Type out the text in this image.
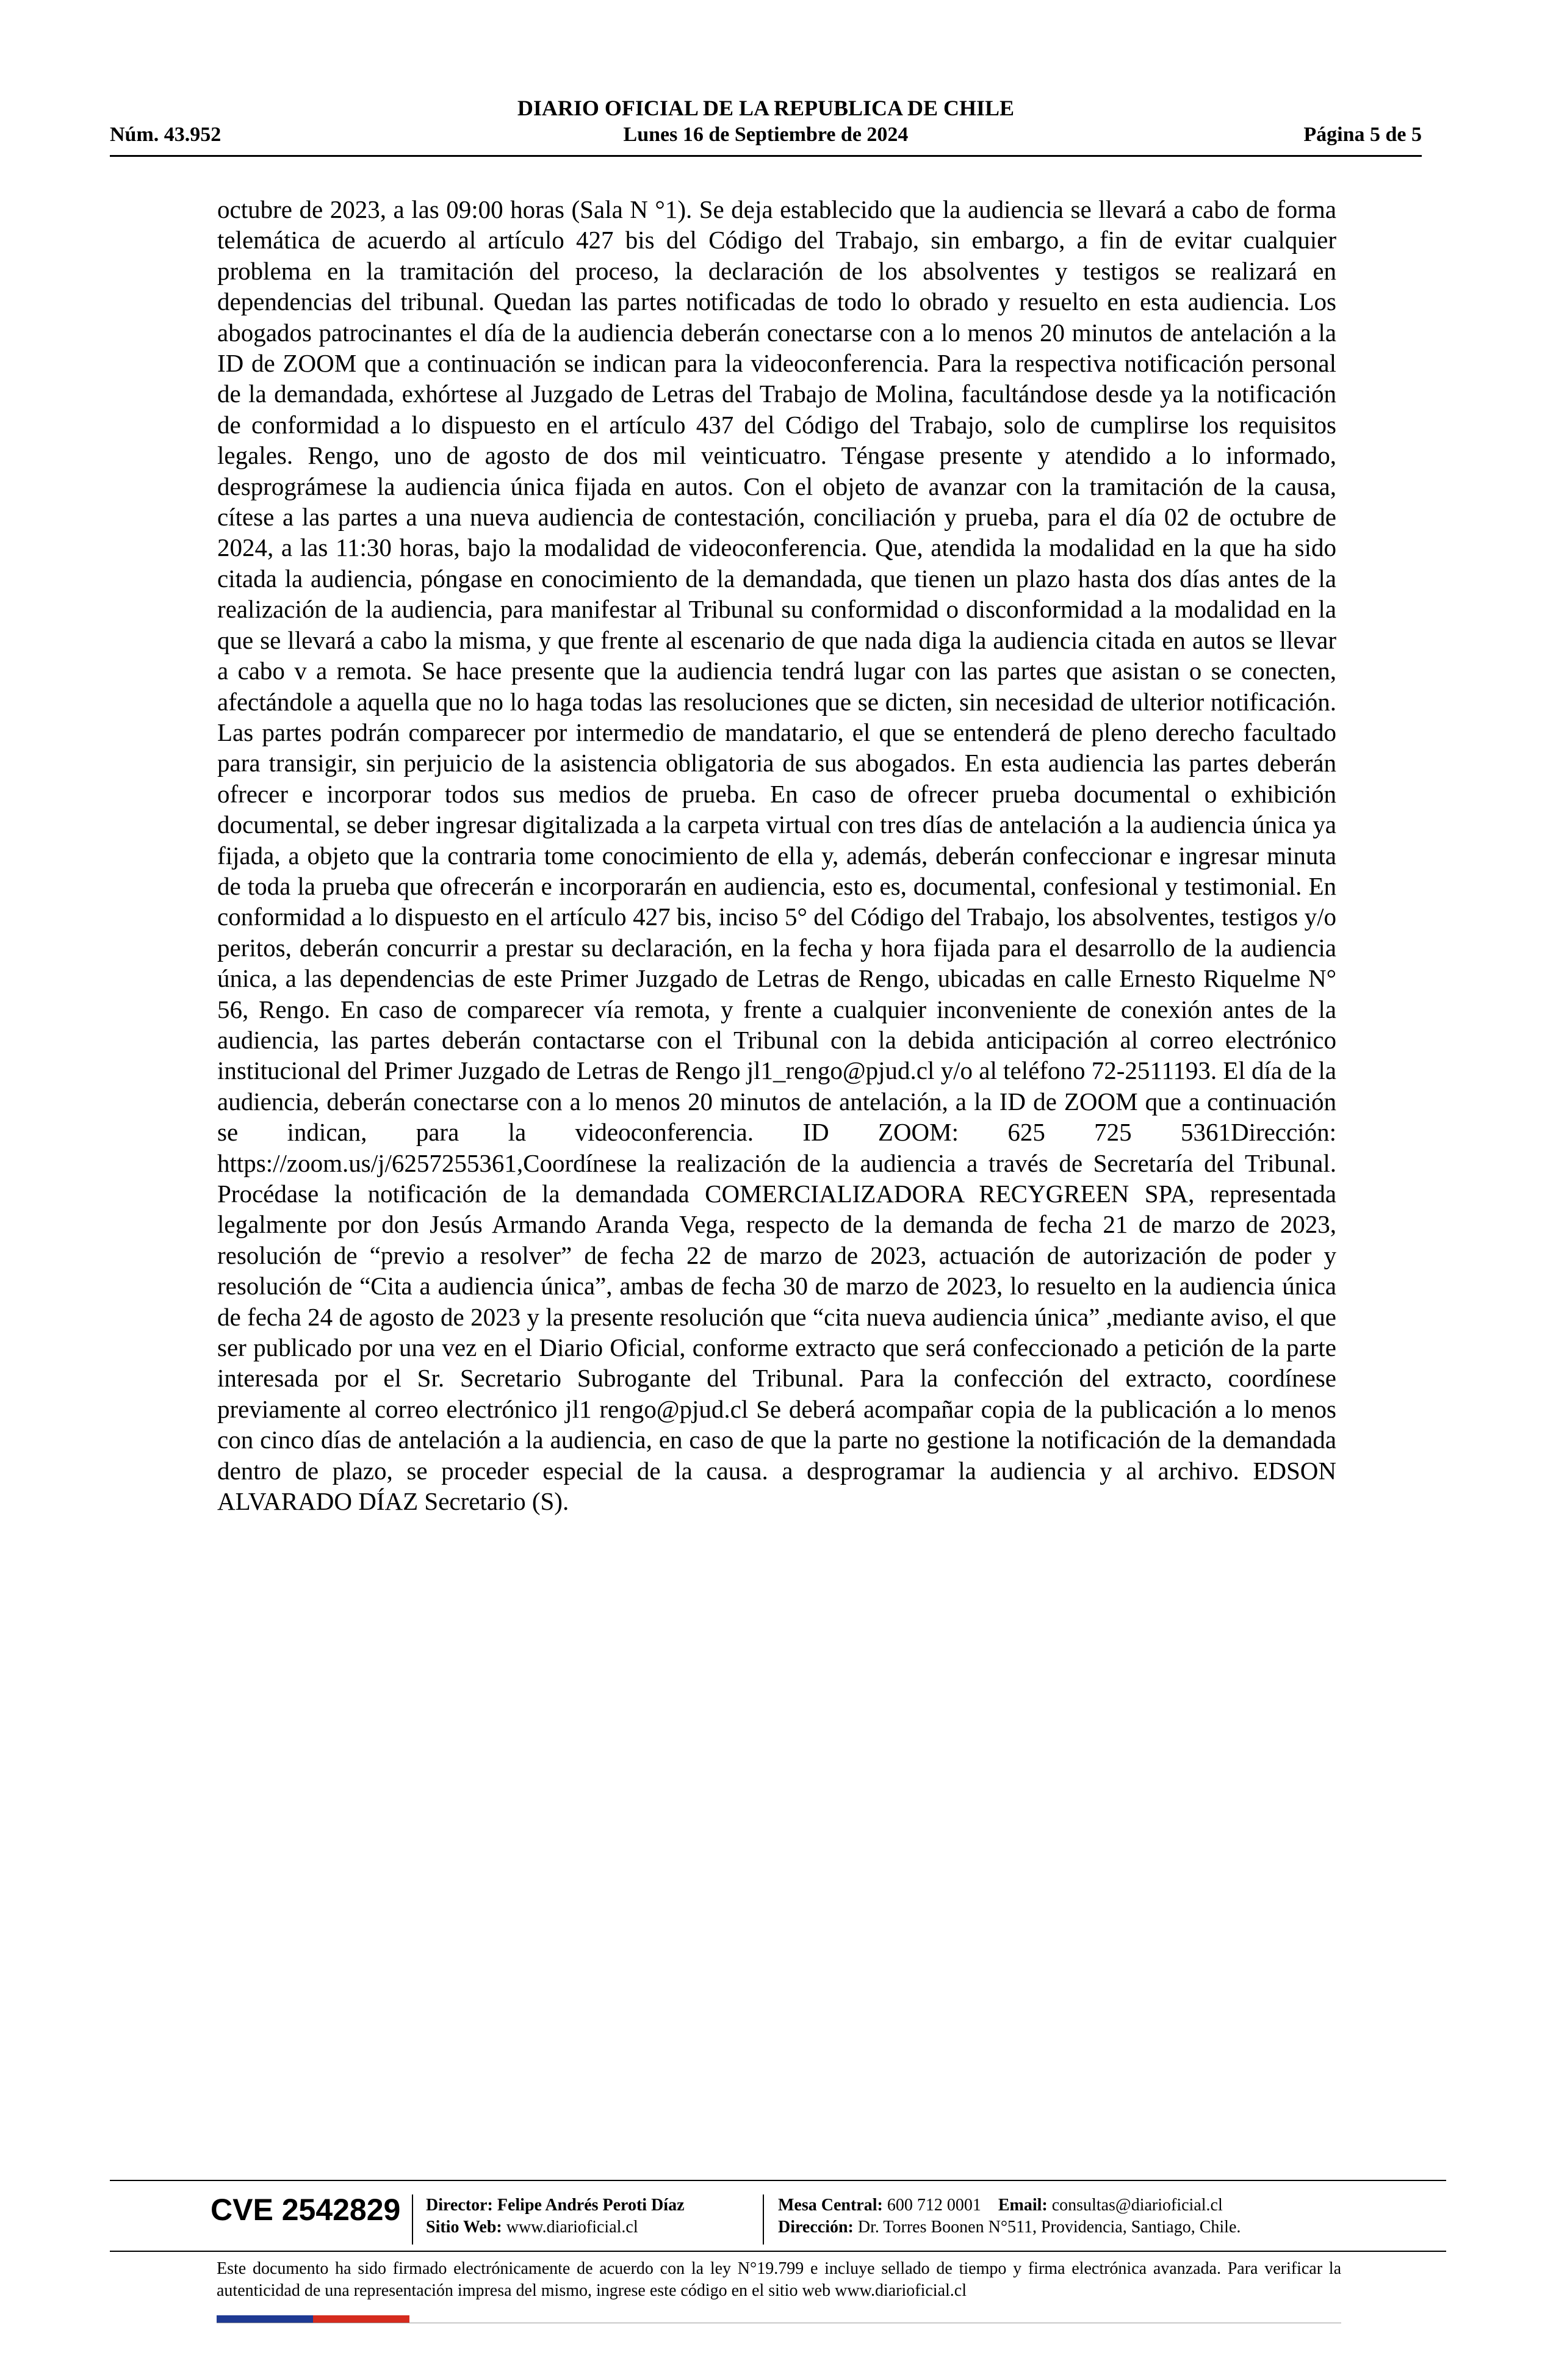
DIARIO OFICIAL DE LA REPUBLICA DE CHILE
Núm. 43.952	Lunes 16 de Septiembre de 2024	Página 5 de 5

octubre de 2023, a las 09:00 horas (Sala N °1). Se deja establecido que la audiencia se llevará a cabo de forma telemática de acuerdo al artículo 427 bis del Código del Trabajo, sin embargo, a fin de evitar cualquier problema en la tramitación del proceso, la declaración de los absolventes y testigos se realizará en dependencias del tribunal. Quedan las partes notificadas de todo lo obrado y resuelto en esta audiencia. Los abogados patrocinantes el día de la audiencia deberán conectarse con a lo menos 20 minutos de antelación a la ID de ZOOM que a continuación se indican para la videoconferencia. Para la respectiva notificación personal de la demandada, exhórtese al Juzgado de Letras del Trabajo de Molina, facultándose desde ya la notificación de conformidad a lo dispuesto en el artículo 437 del Código del Trabajo, solo de cumplirse los requisitos legales. Rengo, uno de agosto de dos mil veinticuatro. Téngase presente y atendido a lo informado, desprográmese la audiencia única fijada en autos. Con el objeto de avanzar con la tramitación de la causa, cítese a las partes a una nueva audiencia de contestación, conciliación y prueba, para el día 02 de octubre de 2024, a las 11:30 horas, bajo la modalidad de videoconferencia. Que, atendida la modalidad en la que ha sido citada la audiencia, póngase en conocimiento de la demandada, que tienen un plazo hasta dos días antes de la realización de la audiencia, para manifestar al Tribunal su conformidad o disconformidad a la modalidad en la que se llevará a cabo la misma, y que frente al escenario de que nada diga la audiencia citada en autos se llevar a cabo v a remota. Se hace presente que la audiencia tendrá lugar con las partes que asistan o se conecten, afectándole a aquella que no lo haga todas las resoluciones que se dicten, sin necesidad de ulterior notificación. Las partes podrán comparecer por intermedio de mandatario, el que se entenderá de pleno derecho facultado para transigir, sin perjuicio de la asistencia obligatoria de sus abogados. En esta audiencia las partes deberán ofrecer e incorporar todos sus medios de prueba. En caso de ofrecer prueba documental o exhibición documental, se deber ingresar digitalizada a la carpeta virtual con tres días de antelación a la audiencia única ya fijada, a objeto que la contraria tome conocimiento de ella y, además, deberán confeccionar e ingresar minuta de toda la prueba que ofrecerán e incorporarán en audiencia, esto es, documental, confesional y testimonial. En conformidad a lo dispuesto en el artículo 427 bis, inciso 5° del Código del Trabajo, los absolventes, testigos y/o peritos, deberán concurrir a prestar su declaración, en la fecha y hora fijada para el desarrollo de la audiencia única, a las dependencias de este Primer Juzgado de Letras de Rengo, ubicadas en calle Ernesto Riquelme N° 56, Rengo. En caso de comparecer vía remota, y frente a cualquier inconveniente de conexión antes de la audiencia, las partes deberán contactarse con el Tribunal con la debida anticipación al correo electrónico institucional del Primer Juzgado de Letras de Rengo jl1_rengo@pjud.cl y/o al teléfono 72-2511193. El día de la audiencia, deberán conectarse con a lo menos 20 minutos de antelación, a la ID de ZOOM que a continuación se indican, para la videoconferencia. ID ZOOM: 625 725 5361Dirección: https://zoom.us/j/6257255361,Coordínese la realización de la audiencia a través de Secretaría del Tribunal. Procédase la notificación de la demandada COMERCIALIZADORA RECYGREEN SPA, representada legalmente por don Jesús Armando Aranda Vega, respecto de la demanda de fecha 21 de marzo de 2023, resolución de “previo a resolver” de fecha 22 de marzo de 2023, actuación de autorización de poder y resolución de “Cita a audiencia única”, ambas de fecha 30 de marzo de 2023, lo resuelto en la audiencia única de fecha 24 de agosto de 2023 y la presente resolución que “cita nueva audiencia única” ,mediante aviso, el que ser publicado por una vez en el Diario Oficial, conforme extracto que será confeccionado a petición de la parte interesada por el Sr. Secretario Subrogante del Tribunal. Para la confección del extracto, coordínese previamente al correo electrónico jl1 rengo@pjud.cl Se deberá acompañar copia de la publicación a lo menos con cinco días de antelación a la audiencia, en caso de que la parte no gestione la notificación de la demandada dentro de plazo, se proceder especial de la causa. a desprogramar la audiencia y al archivo. EDSON ALVARADO DÍAZ Secretario (S).

CVE 2542829 Director: Felipe Andrés Peroti Díaz
Sitio Web: www.diarioficial.cl
Mesa Central: 600 712 0001 Email: consultas@diarioficial.cl
Dirección: Dr. Torres Boonen N°511, Providencia, Santiago, Chile.
Este documento ha sido firmado electrónicamente de acuerdo con la ley N°19.799 e incluye sellado de tiempo y firma electrónica avanzada. Para verificar la autenticidad de una representación impresa del mismo, ingrese este código en el sitio web www.diarioficial.cl
